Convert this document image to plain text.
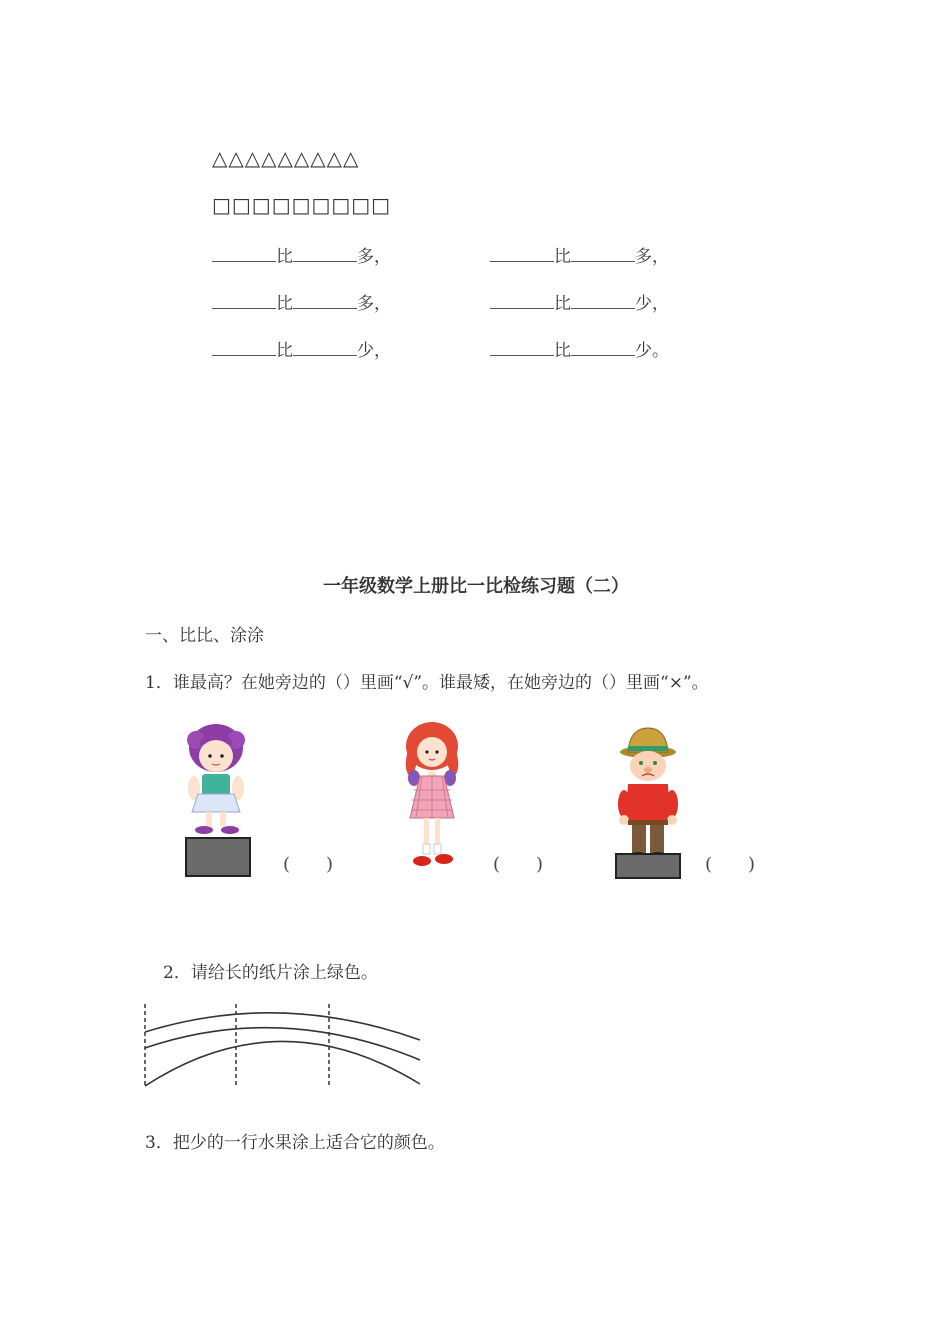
△△△△△△△△△
□□□□□□□□□
比	多，	比	多，
比	多，	比	少，
比	少，	比	少。
一年级数学上册比一比检练习题（二）
一、比比、涂涂
1．谁最高？在她旁边的（）里画“√”。谁最矮，在她旁边的（）里画“×”。
(　　)	(　　)	(　　)
2．请给长的纸片涂上绿色。
3．把少的一行水果涂上适合它的颜色。
